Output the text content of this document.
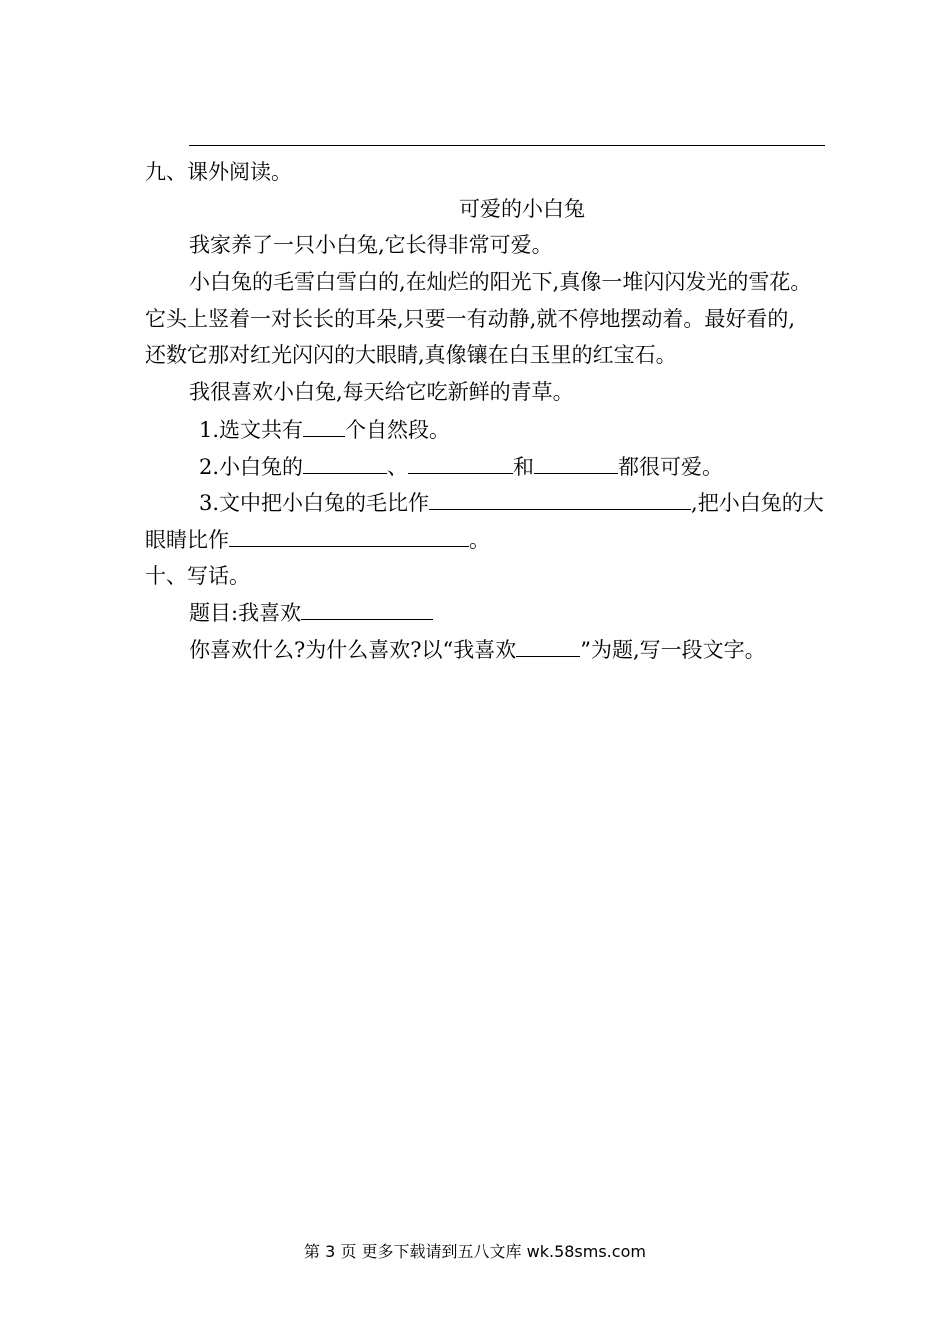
九、课外阅读。
可爱的小白兔
我家养了一只小白兔,它长得非常可爱。
小白兔的毛雪白雪白的,在灿烂的阳光下,真像一堆闪闪发光的雪花。
它头上竖着一对长长的耳朵,只要一有动静,就不停地摆动着。最好看的,
还数它那对红光闪闪的大眼睛,真像镶在白玉里的红宝石。
我很喜欢小白兔,每天给它吃新鲜的青草。
1.选文共有 个自然段。
2.小白兔的	、	和	都很可爱。
3.文中把小白兔的毛比作	,把小白兔的大
眼睛比作	。
十、写话。
题目:我喜欢
你喜欢什么?为什么喜欢?以“我喜欢	”为题,写一段文字。
第 3 页 更多下载请到五八文库 wk.58sms.com
